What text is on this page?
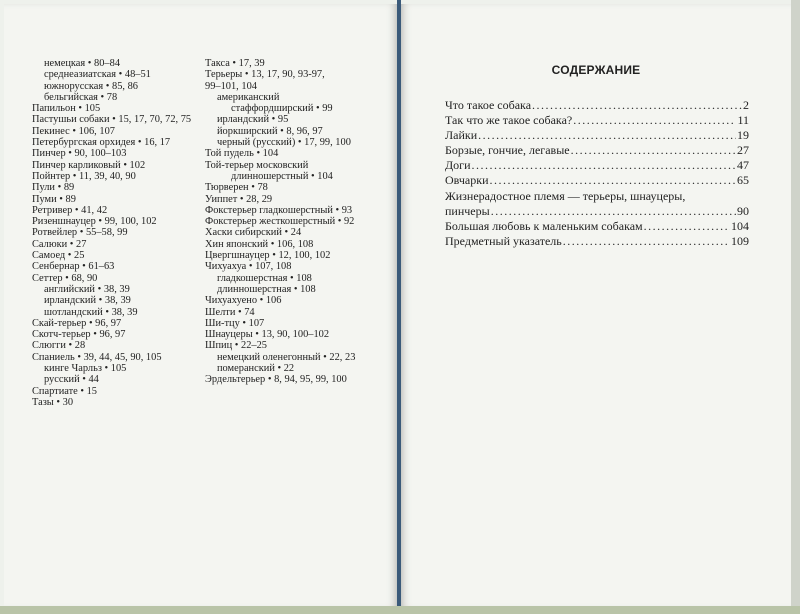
немецкая • 80–84
среднеазиатская • 48–51
южнорусская • 85, 86
бельгийская • 78
Папильон • 105
Пастушьи собаки • 15, 17, 70, 72, 75
Пекинес • 106, 107
Петербургская орхидея • 16, 17
Пинчер • 90, 100–103
Пинчер карликовый • 102
Пойнтер • 11, 39, 40, 90
Пули • 89
Пуми • 89
Ретривер • 41, 42
Ризеншнауцер • 99, 100, 102
Ротвейлер • 55–58, 99
Салюки • 27
Самоед • 25
Сенбернар • 61–63
Сеттер • 68, 90
английский • 38, 39
ирландский • 38, 39
шотландский • 38, 39
Скай-терьер • 96, 97
Скотч-терьер • 96, 97
Слюгги • 28
Спаниель • 39, 44, 45, 90, 105
кинге Чарльз • 105
русский • 44
Спартиате • 15
Тазы • 30
Такса • 17, 39
Терьеры • 13, 17, 90, 93-97,
99–101, 104
американский
стаффордширский • 99
ирландский • 95
йоркширский • 8, 96, 97
черный (русский) • 17, 99, 100
Той пудель • 104
Той-терьер московский
длинношерстный • 104
Тюрверен • 78
Уиппет • 28, 29
Фокстерьер гладкошерстный • 93
Фокстерьер жесткошерстный • 92
Хаски сибирский • 24
Хин японский • 106, 108
Цвергшнауцер • 12, 100, 102
Чихуахуа • 107, 108
гладкошерстная • 108
длинношерстная • 108
Чихуахуено • 106
Шелти • 74
Ши-тцу • 107
Шнауцеры • 13, 90, 100–102
Шпиц • 22–25
немецкий оленегонный • 22, 23
померанский • 22
Эрдельтерьер • 8, 94, 95, 99, 100
СОДЕРЖАНИЕ
Что такое собака .....	2
Так что же такое собака? .....	11
Лайки .....	19
Борзые, гончие, легавые .....	27
Доги .....	47
Овчарки .....	65
Жизнерадостное племя — терьеры, шнауцеры,
пинчеры .....	90
Большая любовь к маленьким собакам .....	104
Предметный указатель .....	109
